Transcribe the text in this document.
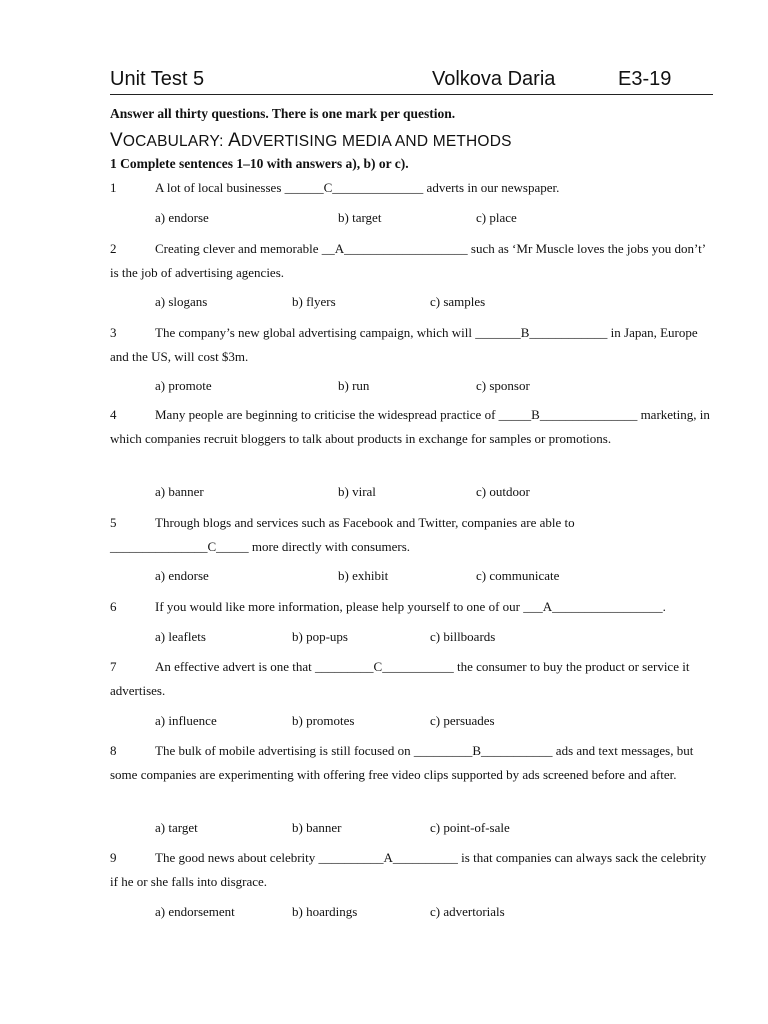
Unit Test 5	Volkova Daria	E3-19
Answer all thirty questions. There is one mark per question.
VOCABULARY: ADVERTISING MEDIA AND METHODS
1 Complete sentences 1–10 with answers a), b) or c).
1	A lot of local businesses ______C______________ adverts in our newspaper.
a) endorse	b) target	c) place
2	Creating clever and memorable __A___________________ such as ‘Mr Muscle loves the jobs you don’t’ is the job of advertising agencies.
a) slogans	b) flyers	c) samples
3	The company’s new global advertising campaign, which will _______B____________ in Japan, Europe and the US, will cost $3m.
a) promote	b) run	c) sponsor
4	Many people are beginning to criticise the widespread practice of _____B_______________ marketing, in which companies recruit bloggers to talk about products in exchange for samples or promotions.
a) banner	b) viral	c) outdoor
5	Through blogs and services such as Facebook and Twitter, companies are able to _______________C_____ more directly with consumers.
a) endorse	b) exhibit	c) communicate
6	If you would like more information, please help yourself to one of our ___A_________________.
a) leaflets	b) pop-ups	c) billboards
7	An effective advert is one that _________C___________ the consumer to buy the product or service it advertises.
a) influence	b) promotes	c) persuades
8	The bulk of mobile advertising is still focused on _________B___________ ads and text messages, but some companies are experimenting with offering free video clips supported by ads screened before and after.
a) target	b) banner	c) point-of-sale
9	The good news about celebrity __________A__________ is that companies can always sack the celebrity if he or she falls into disgrace.
a) endorsement	b) hoardings	c) advertorials
